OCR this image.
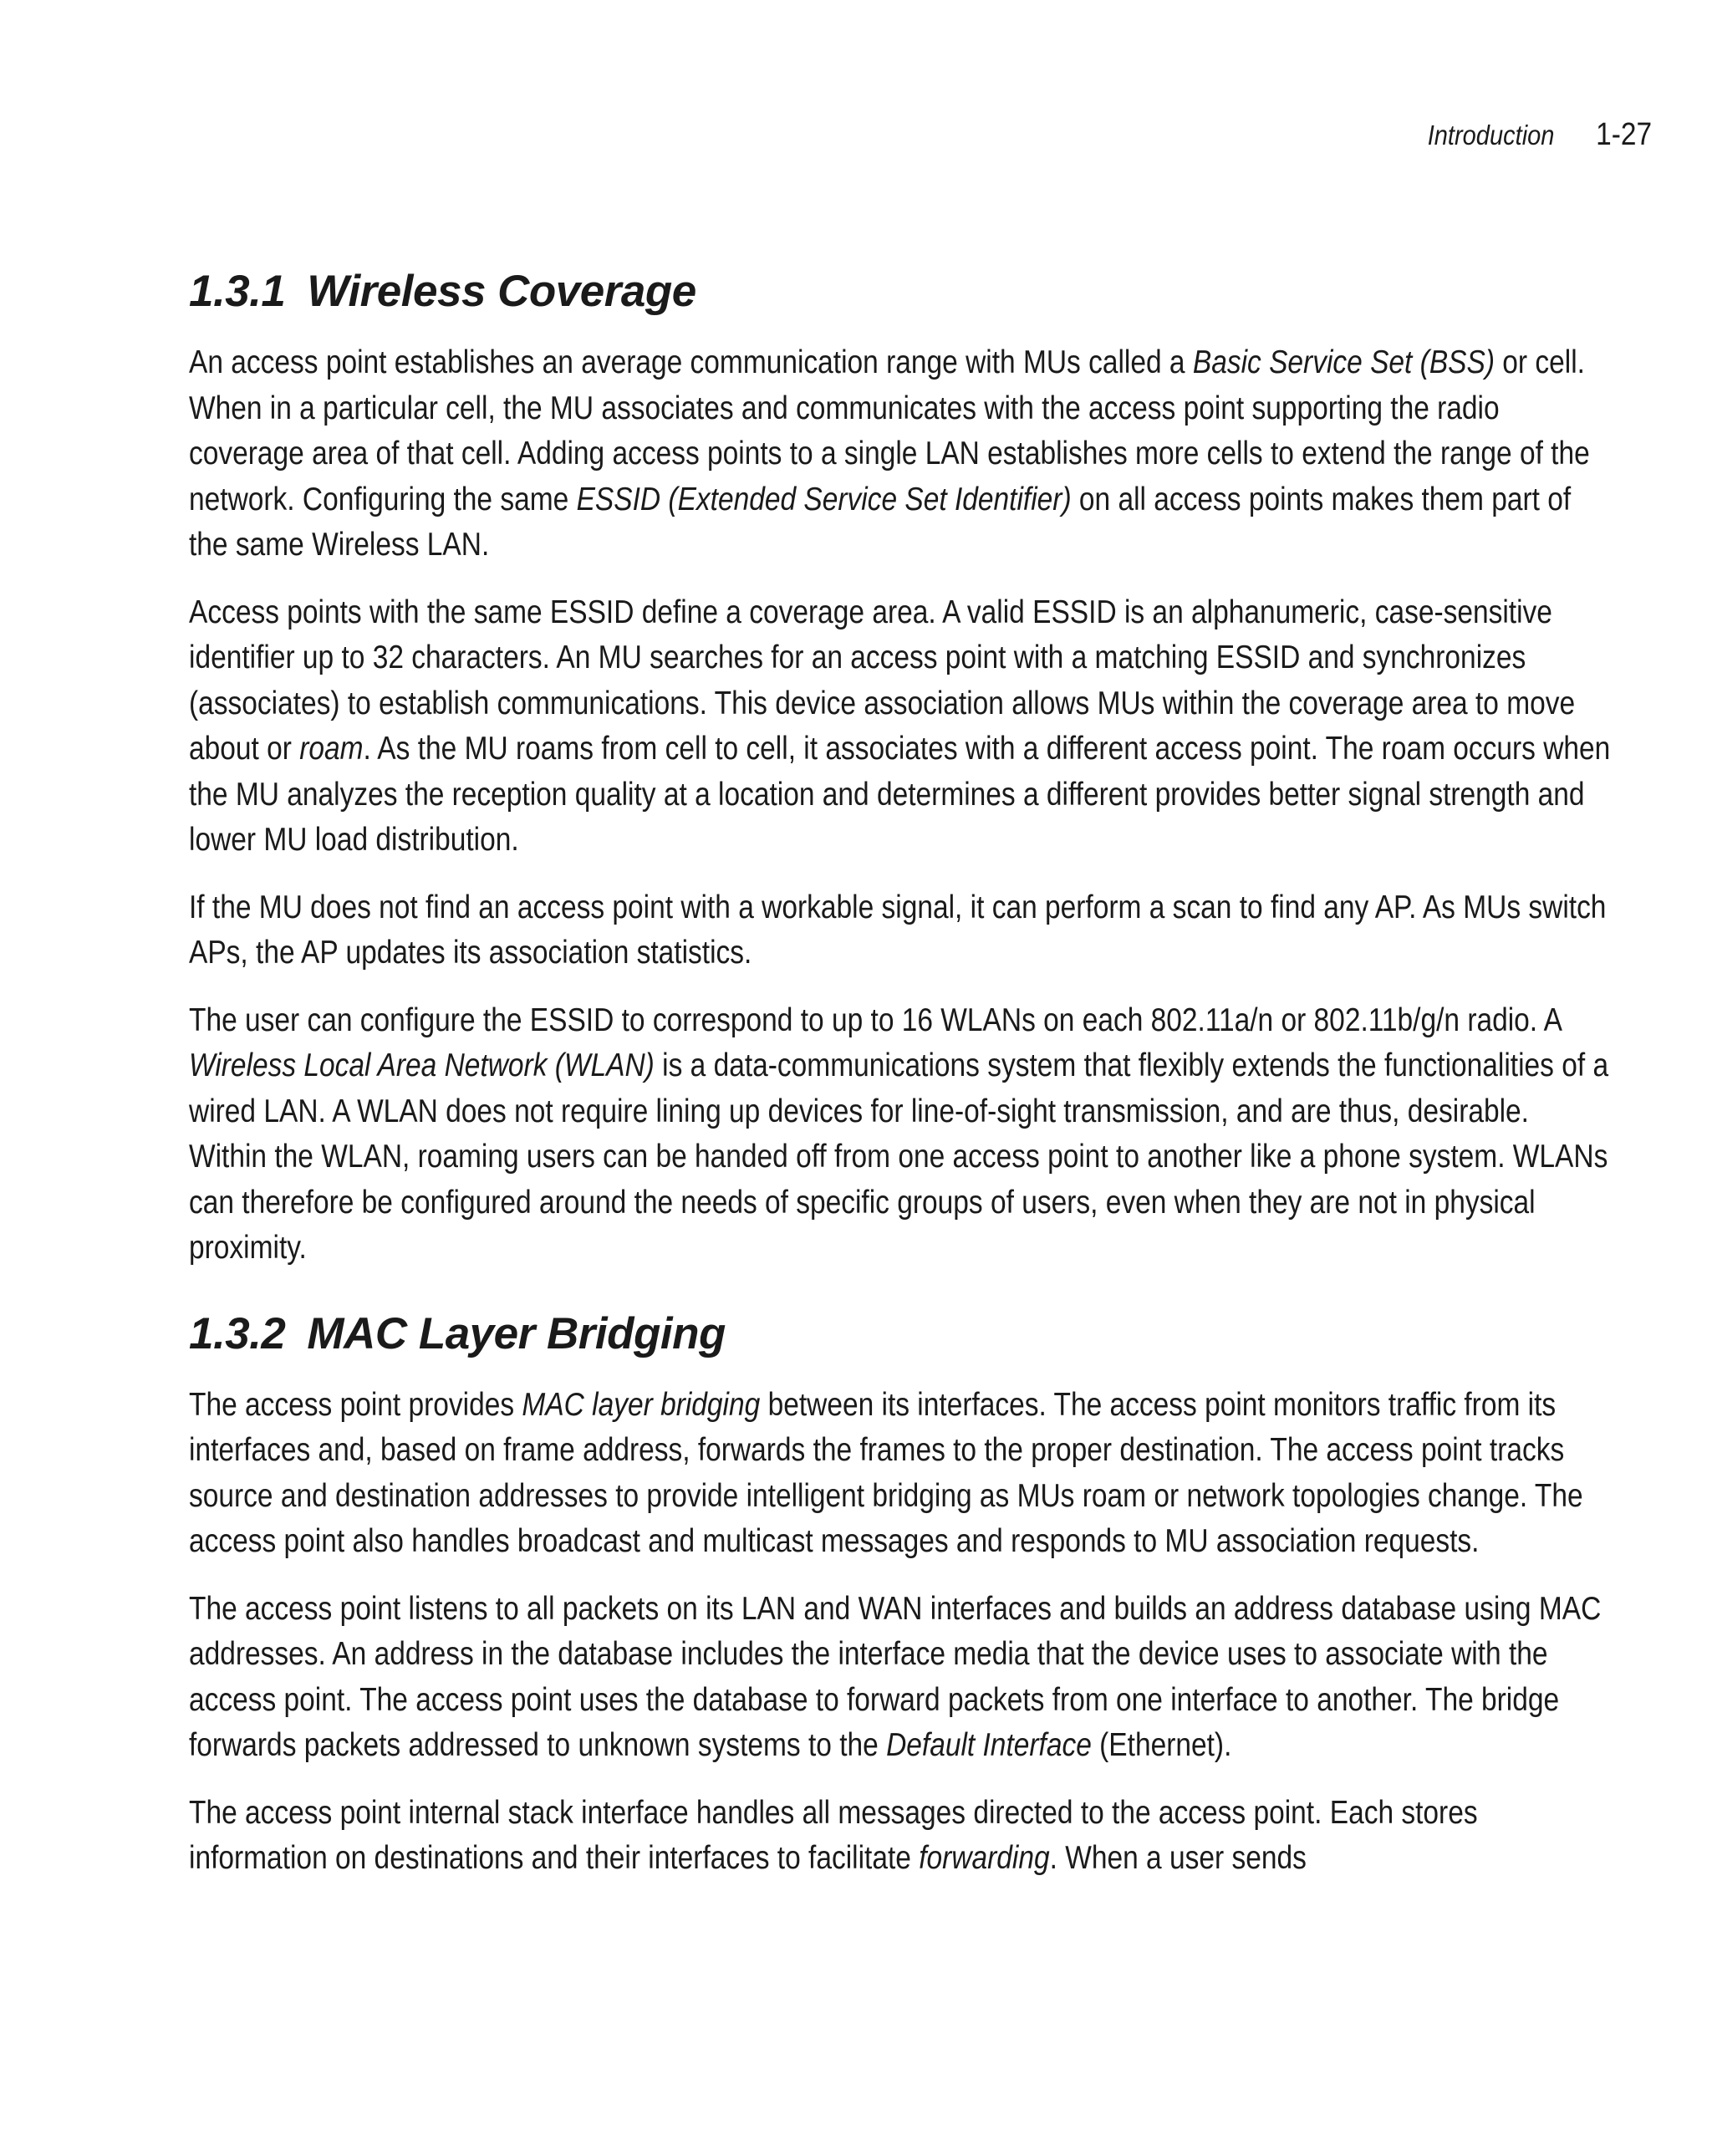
Introduction 1-27
1.3.1 Wireless Coverage

An access point establishes an average communication range with MUs called a Basic Service Set (BSS) or cell. When in a particular cell, the MU associates and communicates with the access point supporting the radio coverage area of that cell. Adding access points to a single LAN establishes more cells to extend the range of the network. Configuring the same ESSID (Extended Service Set Identifier) on all access points makes them part of the same Wireless LAN.

Access points with the same ESSID define a coverage area. A valid ESSID is an alphanumeric, case-sensitive identifier up to 32 characters. An MU searches for an access point with a matching ESSID and synchronizes (associates) to establish communications. This device association allows MUs within the coverage area to move about or roam. As the MU roams from cell to cell, it associates with a different access point. The roam occurs when the MU analyzes the reception quality at a location and determines a different provides better signal strength and lower MU load distribution.

If the MU does not find an access point with a workable signal, it can perform a scan to find any AP. As MUs switch APs, the AP updates its association statistics.

The user can configure the ESSID to correspond to up to 16 WLANs on each 802.11a/n or 802.11b/g/n radio. A Wireless Local Area Network (WLAN) is a data-communications system that flexibly extends the functionalities of a wired LAN. A WLAN does not require lining up devices for line-of-sight transmission, and are thus, desirable. Within the WLAN, roaming users can be handed off from one access point to another like a phone system. WLANs can therefore be configured around the needs of specific groups of users, even when they are not in physical proximity.

1.3.2 MAC Layer Bridging

The access point provides MAC layer bridging between its interfaces. The access point monitors traffic from its interfaces and, based on frame address, forwards the frames to the proper destination. The access point tracks source and destination addresses to provide intelligent bridging as MUs roam or network topologies change. The access point also handles broadcast and multicast messages and responds to MU association requests.

The access point listens to all packets on its LAN and WAN interfaces and builds an address database using MAC addresses. An address in the database includes the interface media that the device uses to associate with the access point. The access point uses the database to forward packets from one interface to another. The bridge forwards packets addressed to unknown systems to the Default Interface (Ethernet).

The access point internal stack interface handles all messages directed to the access point. Each stores information on destinations and their interfaces to facilitate forwarding. When a user sends
